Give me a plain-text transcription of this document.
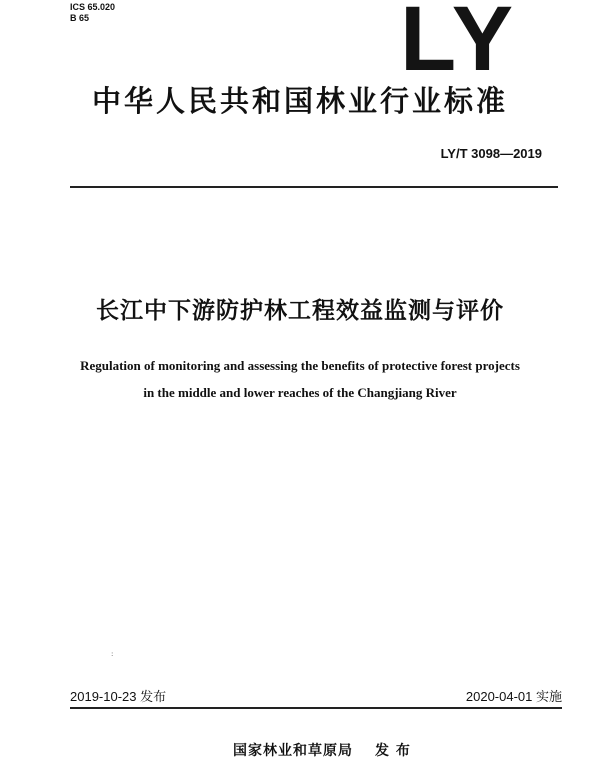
ICS 65.020
B 65	LY
中华人民共和国林业行业标准
LY/T 3098—2019
长江中下游防护林工程效益监测与评价
Regulation of monitoring and assessing the benefits of protective forest projects
in the middle and lower reaches of the Changjiang River
:
2019-10-23 发布	2020-04-01 实施
国家林业和草原局 发 布
